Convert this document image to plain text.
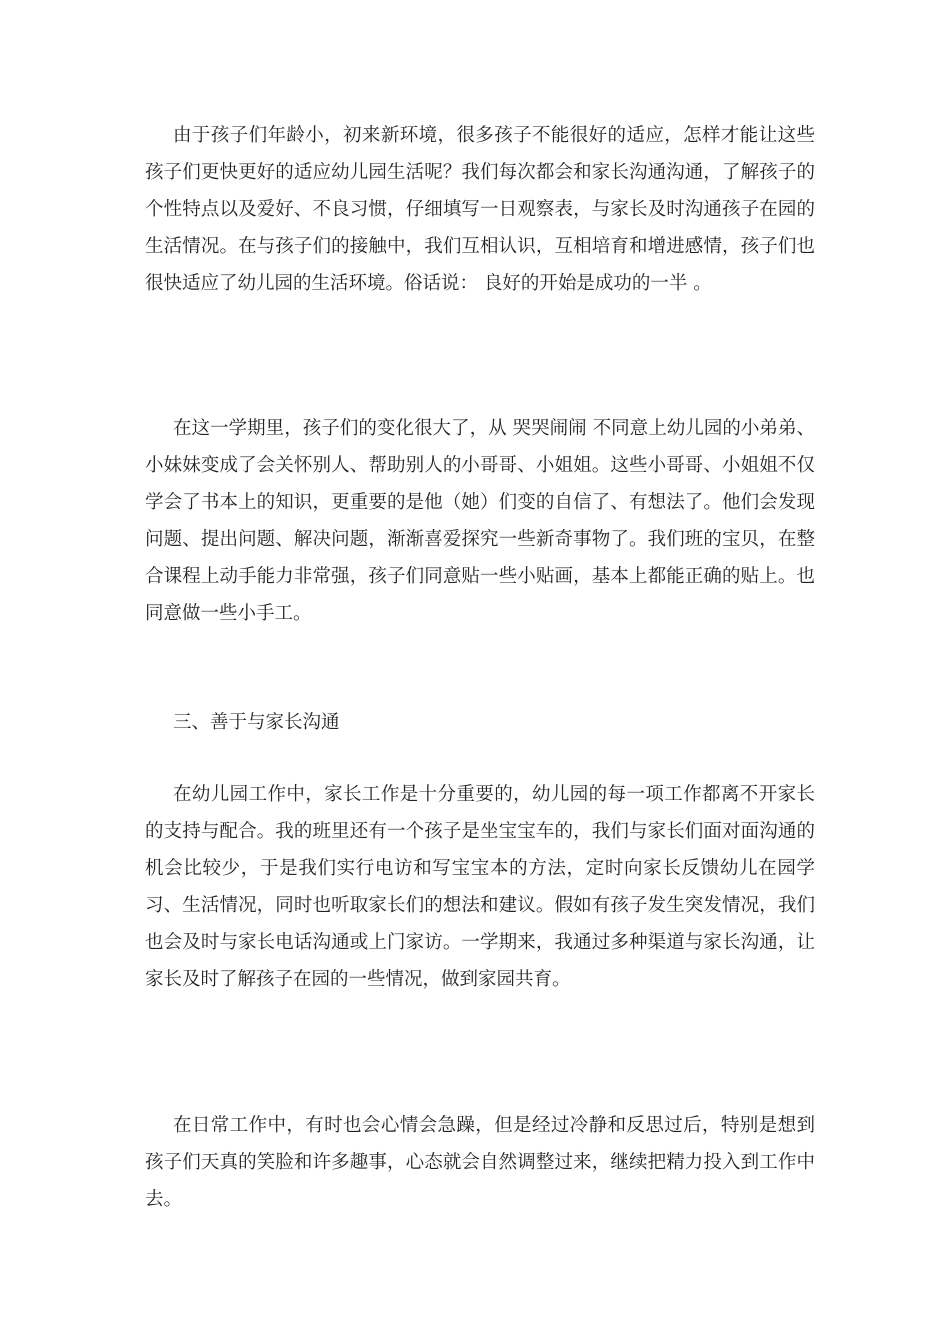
由于孩子们年龄小，初来新环境，很多孩子不能很好的适应，怎样才能让这些孩子们更快更好的适应幼儿园生活呢？我们每次都会和家长沟通沟通，了解孩子的个性特点以及爱好、不良习惯，仔细填写一日观察表，与家长及时沟通孩子在园的生活情况。在与孩子们的接触中，我们互相认识，互相培育和增进感情，孩子们也很快适应了幼儿园的生活环境。俗话说： 良好的开始是成功的一半 。

在这一学期里，孩子们的变化很大了，从 哭哭闹闹 不同意上幼儿园的小弟弟、小妹妹变成了会关怀别人、帮助别人的小哥哥、小姐姐。这些小哥哥、小姐姐不仅学会了书本上的知识，更重要的是他（她）们变的自信了、有想法了。他们会发现问题、提出问题、解决问题，渐渐喜爱探究一些新奇事物了。我们班的宝贝，在整合课程上动手能力非常强，孩子们同意贴一些小贴画，基本上都能正确的贴上。也同意做一些小手工。

三、善于与家长沟通

在幼儿园工作中，家长工作是十分重要的，幼儿园的每一项工作都离不开家长的支持与配合。我的班里还有一个孩子是坐宝宝车的，我们与家长们面对面沟通的机会比较少，于是我们实行电访和写宝宝本的方法，定时向家长反馈幼儿在园学习、生活情况，同时也听取家长们的想法和建议。假如有孩子发生突发情况，我们也会及时与家长电话沟通或上门家访。一学期来，我通过多种渠道与家长沟通，让家长及时了解孩子在园的一些情况，做到家园共育。

在日常工作中，有时也会心情会急躁，但是经过冷静和反思过后，特别是想到孩子们天真的笑脸和许多趣事，心态就会自然调整过来，继续把精力投入到工作中去。
